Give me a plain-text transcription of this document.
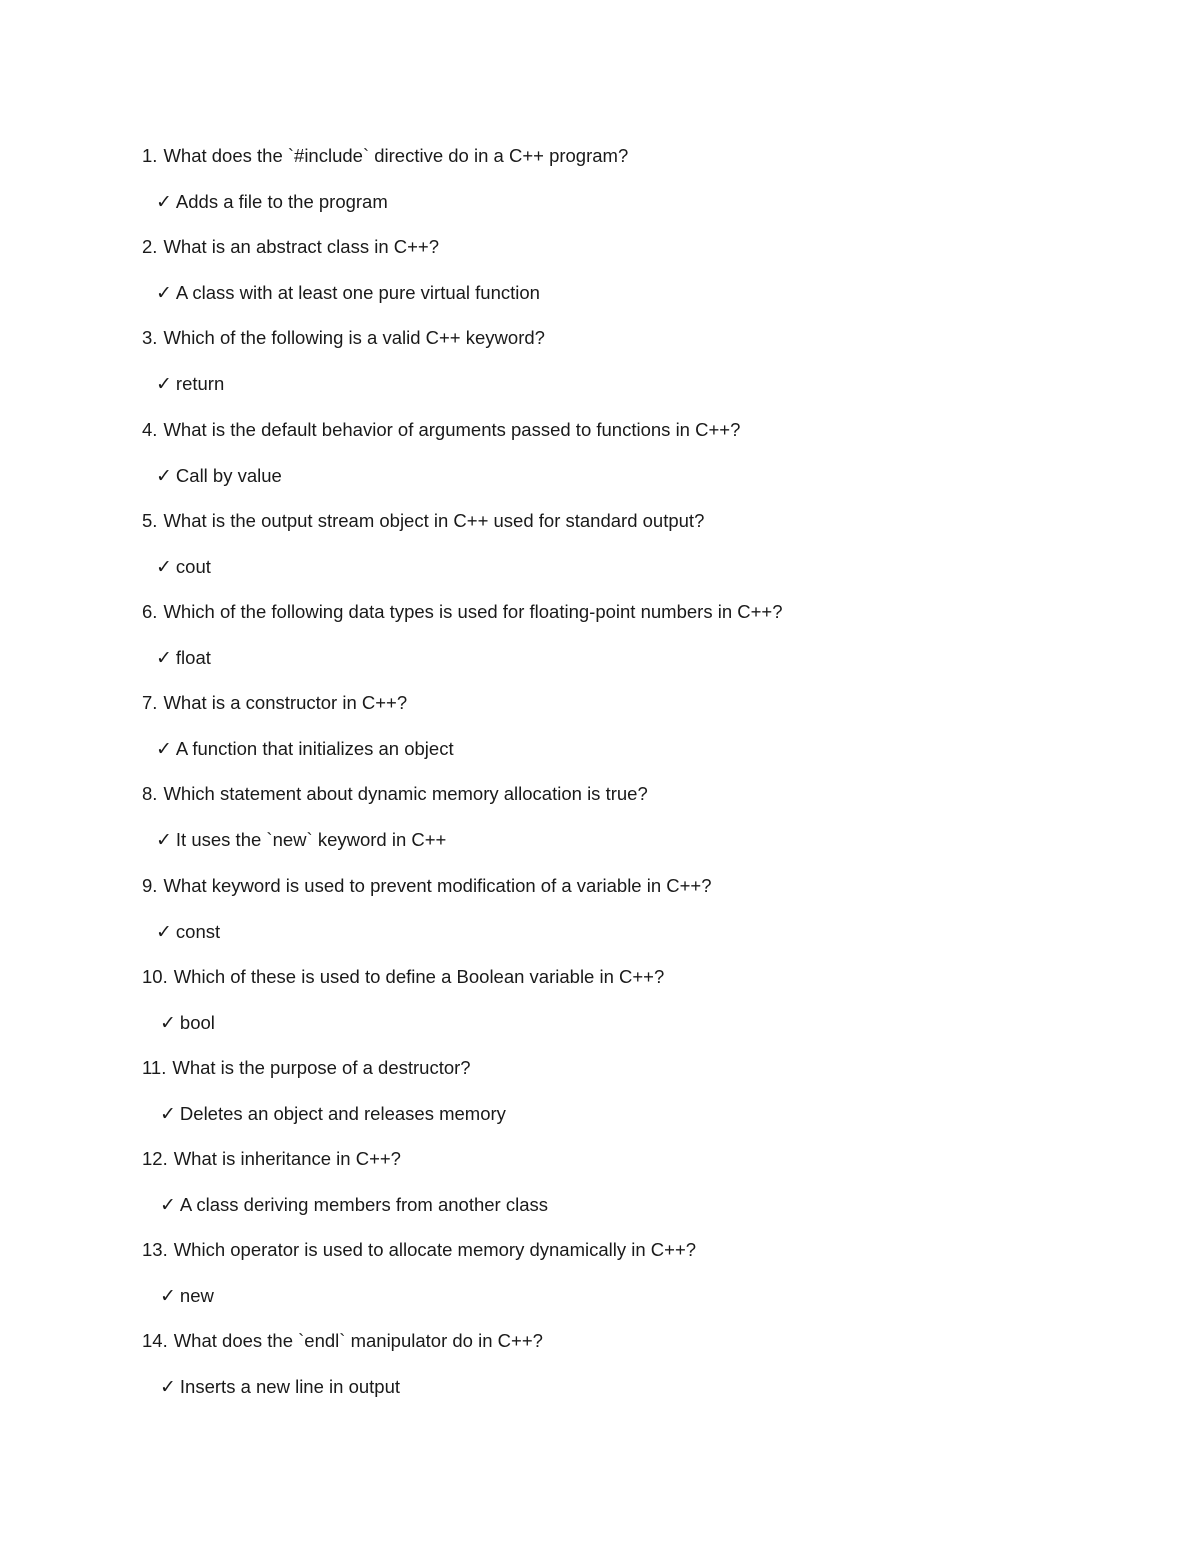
1. What does the `#include` directive do in a C++ program?
✓ Adds a file to the program
2. What is an abstract class in C++?
✓ A class with at least one pure virtual function
3. Which of the following is a valid C++ keyword?
✓ return
4. What is the default behavior of arguments passed to functions in C++?
✓ Call by value
5. What is the output stream object in C++ used for standard output?
✓ cout
6. Which of the following data types is used for floating-point numbers in C++?
✓ float
7. What is a constructor in C++?
✓ A function that initializes an object
8. Which statement about dynamic memory allocation is true?
✓ It uses the `new` keyword in C++
9. What keyword is used to prevent modification of a variable in C++?
✓ const
10. Which of these is used to define a Boolean variable in C++?
✓ bool
11. What is the purpose of a destructor?
✓ Deletes an object and releases memory
12. What is inheritance in C++?
✓ A class deriving members from another class
13. Which operator is used to allocate memory dynamically in C++?
✓ new
14. What does the `endl` manipulator do in C++?
✓ Inserts a new line in output
